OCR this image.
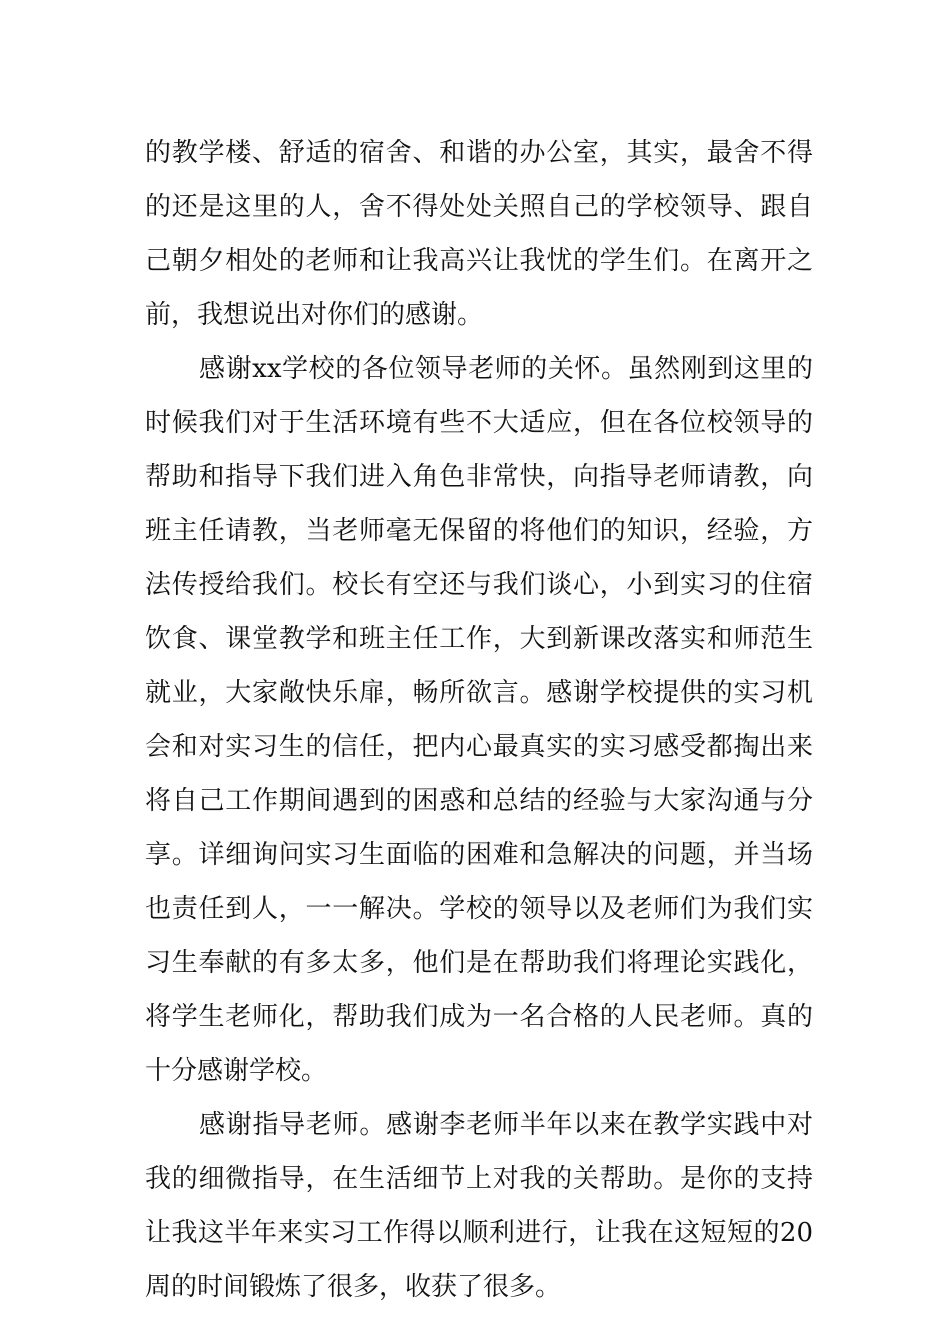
的教学楼、舒适的宿舍、和谐的办公室，其实，最舍不得的还是这里的人，舍不得处处关照自己的学校领导、跟自己朝夕相处的老师和让我高兴让我忧的学生们。在离开之前，我想说出对你们的感谢。

感谢xx学校的各位领导老师的关怀。虽然刚到这里的时候我们对于生活环境有些不大适应，但在各位校领导的帮助和指导下我们进入角色非常快，向指导老师请教，向班主任请教，当老师毫无保留的将他们的知识，经验，方法传授给我们。校长有空还与我们谈心，小到实习的住宿饮食、课堂教学和班主任工作，大到新课改落实和师范生就业，大家敞快乐扉，畅所欲言。感谢学校提供的实习机会和对实习生的信任，把内心最真实的实习感受都掏出来将自己工作期间遇到的困惑和总结的经验与大家沟通与分享。详细询问实习生面临的困难和急解决的问题，并当场也责任到人，一一解决。学校的领导以及老师们为我们实习生奉献的有多太多，他们是在帮助我们将理论实践化，将学生老师化，帮助我们成为一名合格的人民老师。真的十分感谢学校。

感谢指导老师。感谢李老师半年以来在教学实践中对我的细微指导，在生活细节上对我的关帮助。是你的支持让我这半年来实习工作得以顺利进行，让我在这短短的20周的时间锻炼了很多，收获了很多。
